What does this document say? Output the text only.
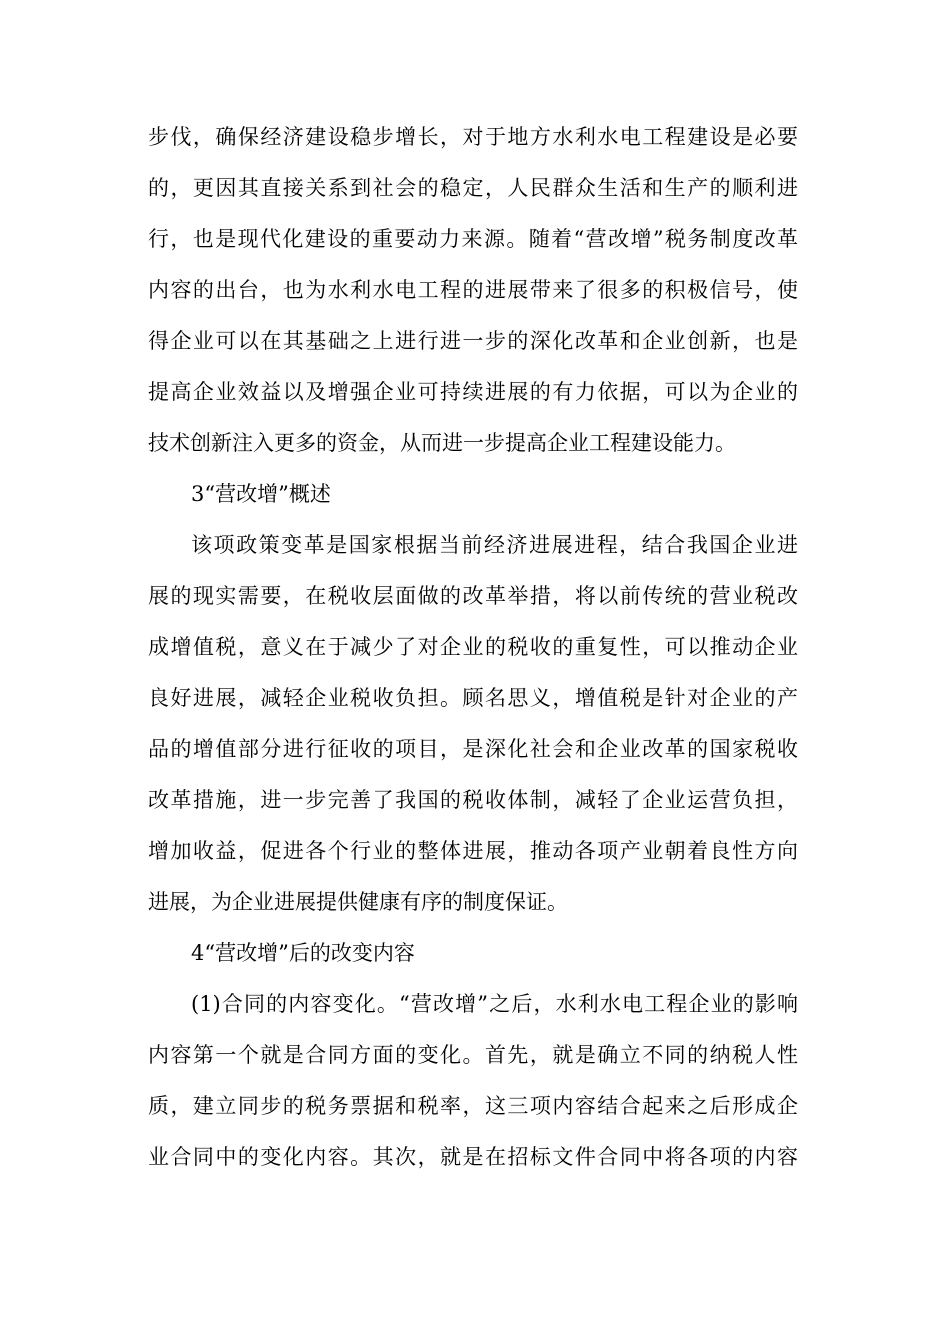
步伐，确保经济建设稳步增长，对于地方水利水电工程建设是必要
的，更因其直接关系到社会的稳定，人民群众生活和生产的顺利进
行，也是现代化建设的重要动力来源。随着“营改增”税务制度改革
内容的出台，也为水利水电工程的进展带来了很多的积极信号，使
得企业可以在其基础之上进行进一步的深化改革和企业创新，也是
提高企业效益以及增强企业可持续进展的有力依据，可以为企业的
技术创新注入更多的资金，从而进一步提高企业工程建设能力。
3“营改增”概述
该项政策变革是国家根据当前经济进展进程，结合我国企业进
展的现实需要，在税收层面做的改革举措，将以前传统的营业税改
成增值税，意义在于减少了对企业的税收的重复性，可以推动企业
良好进展，减轻企业税收负担。顾名思义，增值税是针对企业的产
品的增值部分进行征收的项目，是深化社会和企业改革的国家税收
改革措施，进一步完善了我国的税收体制，减轻了企业运营负担，
增加收益，促进各个行业的整体进展，推动各项产业朝着良性方向
进展，为企业进展提供健康有序的制度保证。
4“营改增”后的改变内容
(1)合同的内容变化。“营改增”之后，水利水电工程企业的影响
内容第一个就是合同方面的变化。首先，就是确立不同的纳税人性
质，建立同步的税务票据和税率，这三项内容结合起来之后形成企
业合同中的变化内容。其次，就是在招标文件合同中将各项的内容
